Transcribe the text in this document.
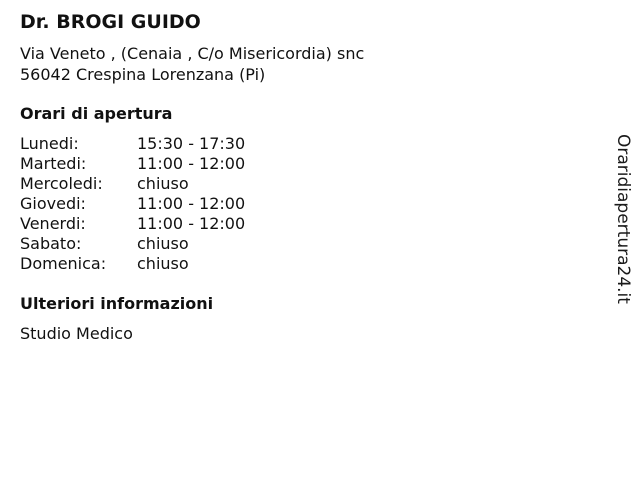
Dr. BROGI GUIDO
Via Veneto , (Cenaia , C/o Misericordia) snc
56042 Crespina Lorenzana (Pi)
Orari di apertura
Lunedi:	15:30 - 17:30
Martedi:	11:00 - 12:00
Mercoledi:	chiuso
Giovedi:	11:00 - 12:00
Venerdi:	11:00 - 12:00
Sabato:	chiuso
Domenica:	chiuso
Ulteriori informazioni
Studio Medico
Oraridiapertura24.it
